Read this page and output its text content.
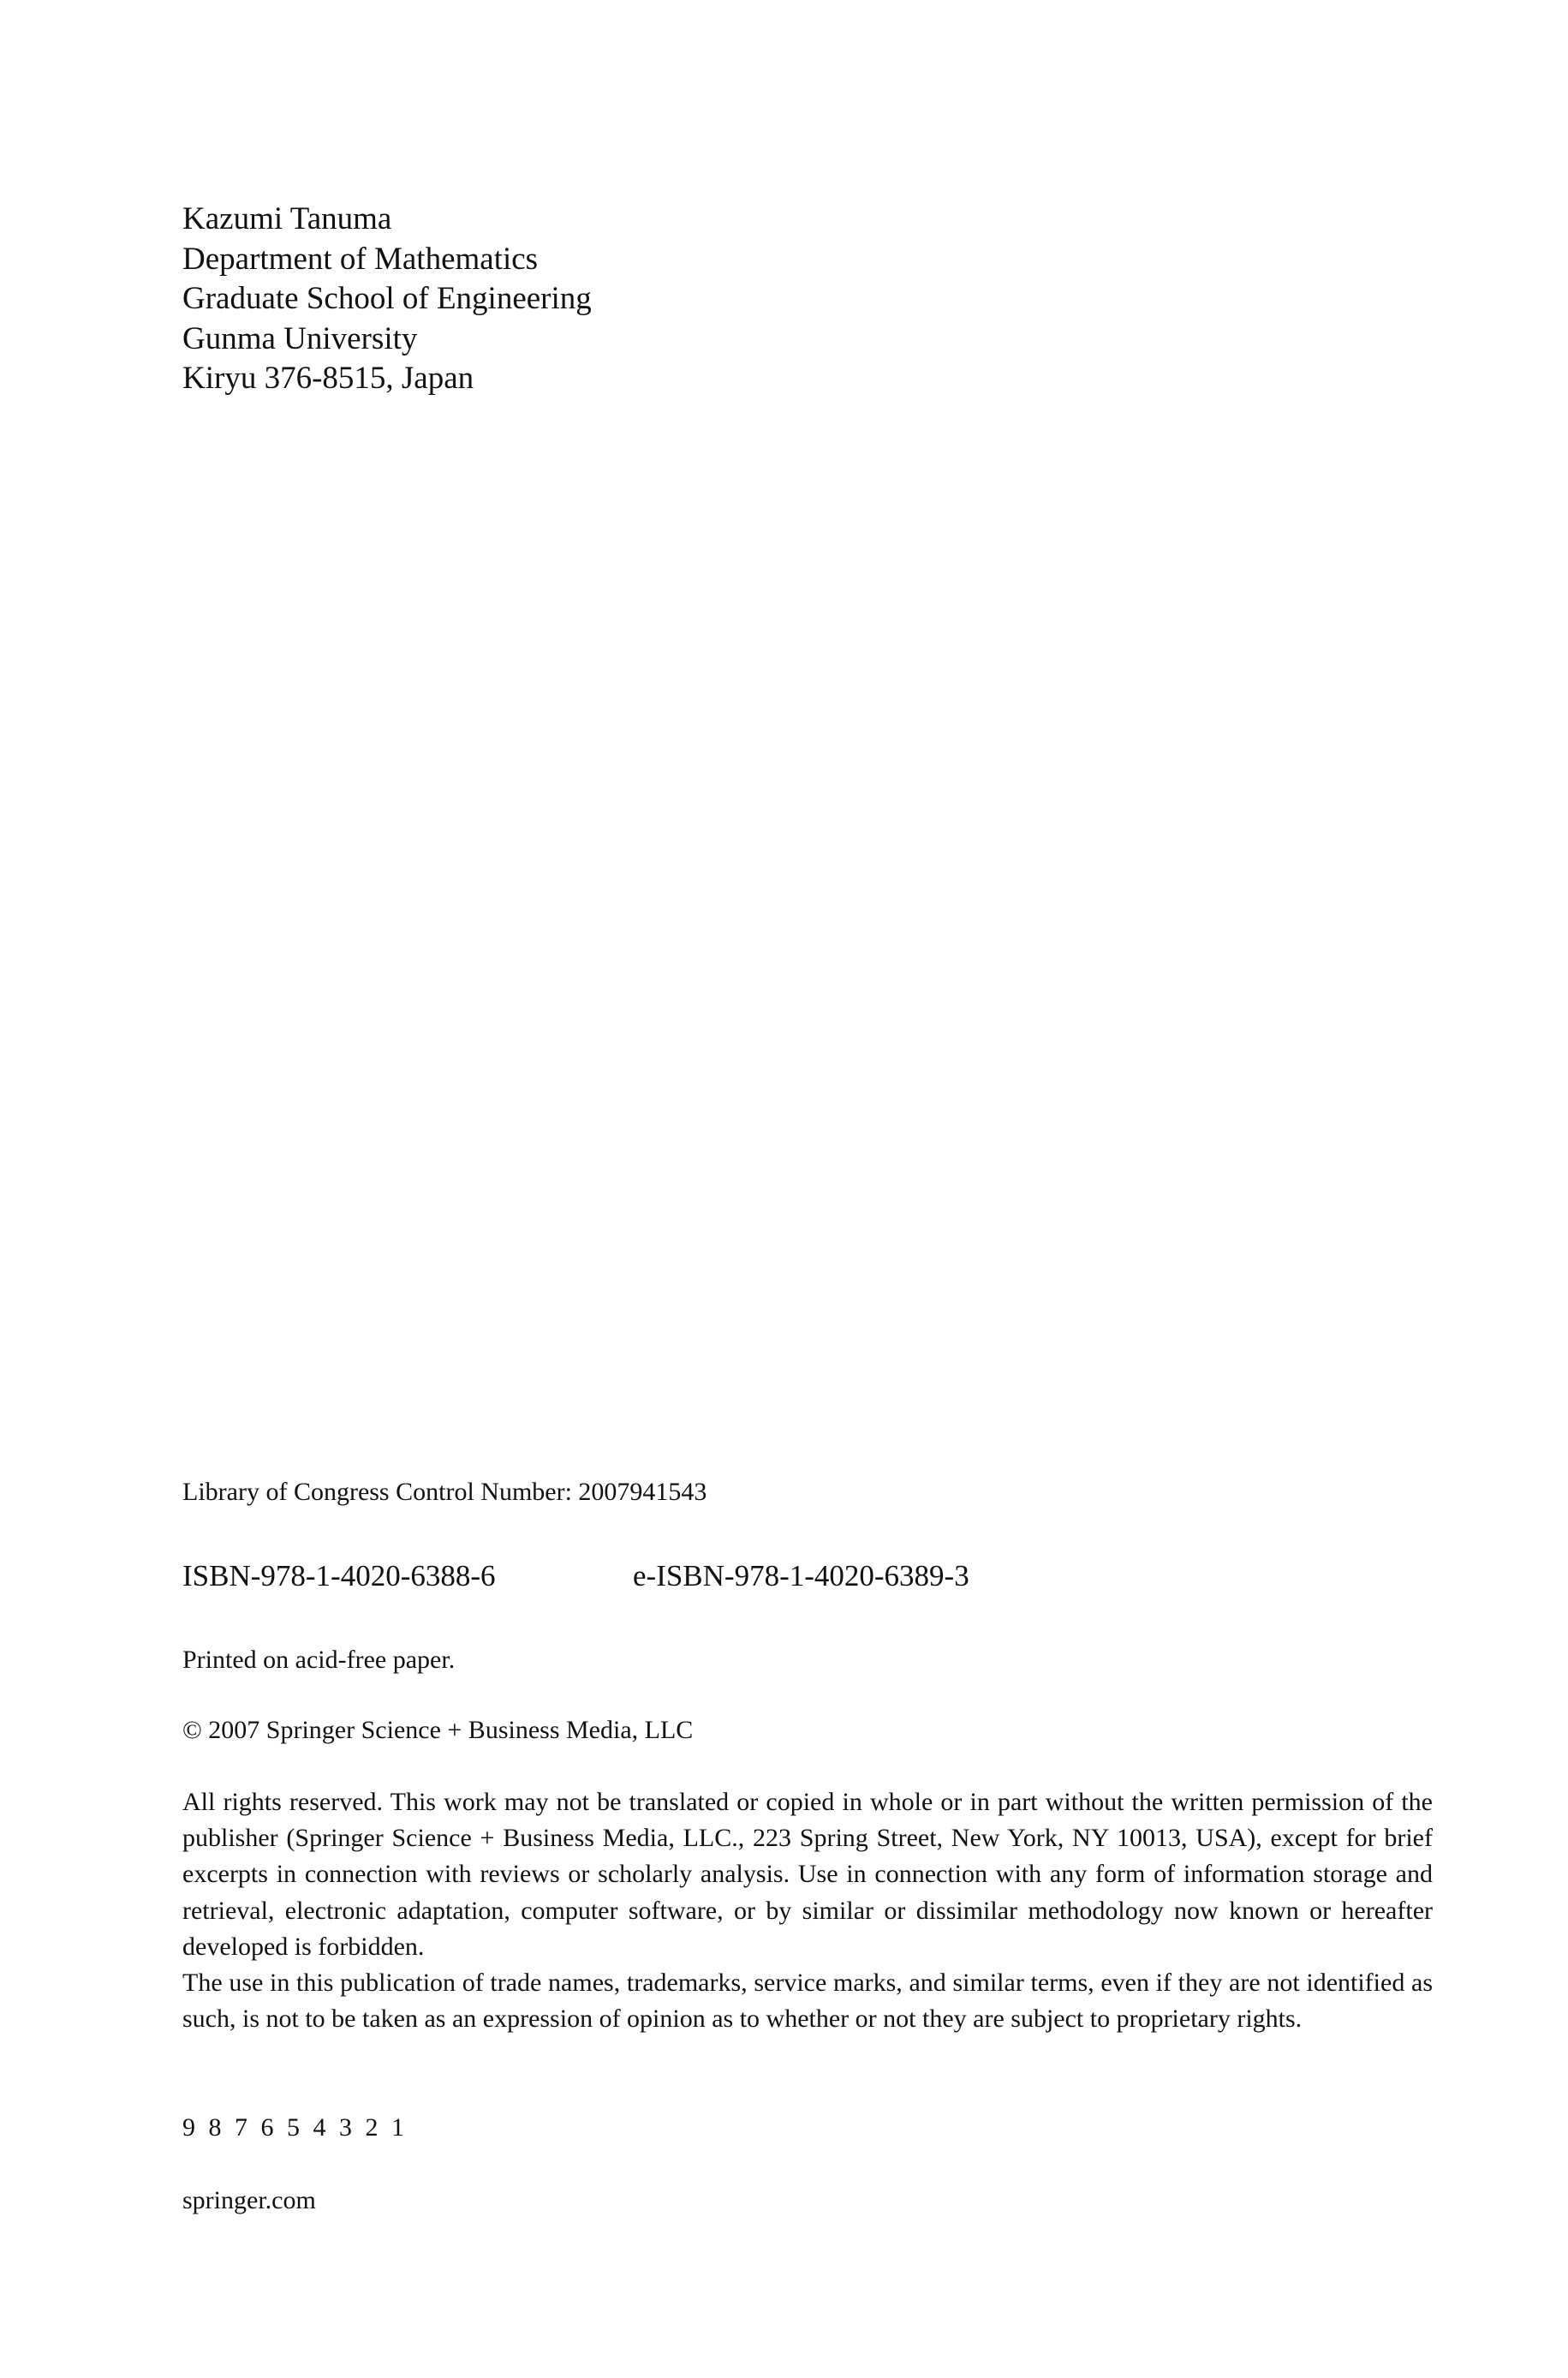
Kazumi Tanuma
Department of Mathematics
Graduate School of Engineering
Gunma University
Kiryu 376-8515, Japan
Library of Congress Control Number: 2007941543
ISBN-978-1-4020-6388-6	e-ISBN-978-1-4020-6389-3
Printed on acid-free paper.
© 2007 Springer Science + Business Media, LLC

All rights reserved. This work may not be translated or copied in whole or in part without the written permission of the publisher (Springer Science + Business Media, LLC., 223 Spring Street, New York, NY 10013, USA), except for brief excerpts in connection with reviews or scholarly analysis. Use in connection with any form of information storage and retrieval, electronic adaptation, computer software, or by similar or dissimilar methodology now known or hereafter developed is forbidden.

The use in this publication of trade names, trademarks, service marks, and similar terms, even if they are not identified as such, is not to be taken as an expression of opinion as to whether or not they are subject to proprietary rights.

9 8 7 6 5 4 3 2 1
springer.com
